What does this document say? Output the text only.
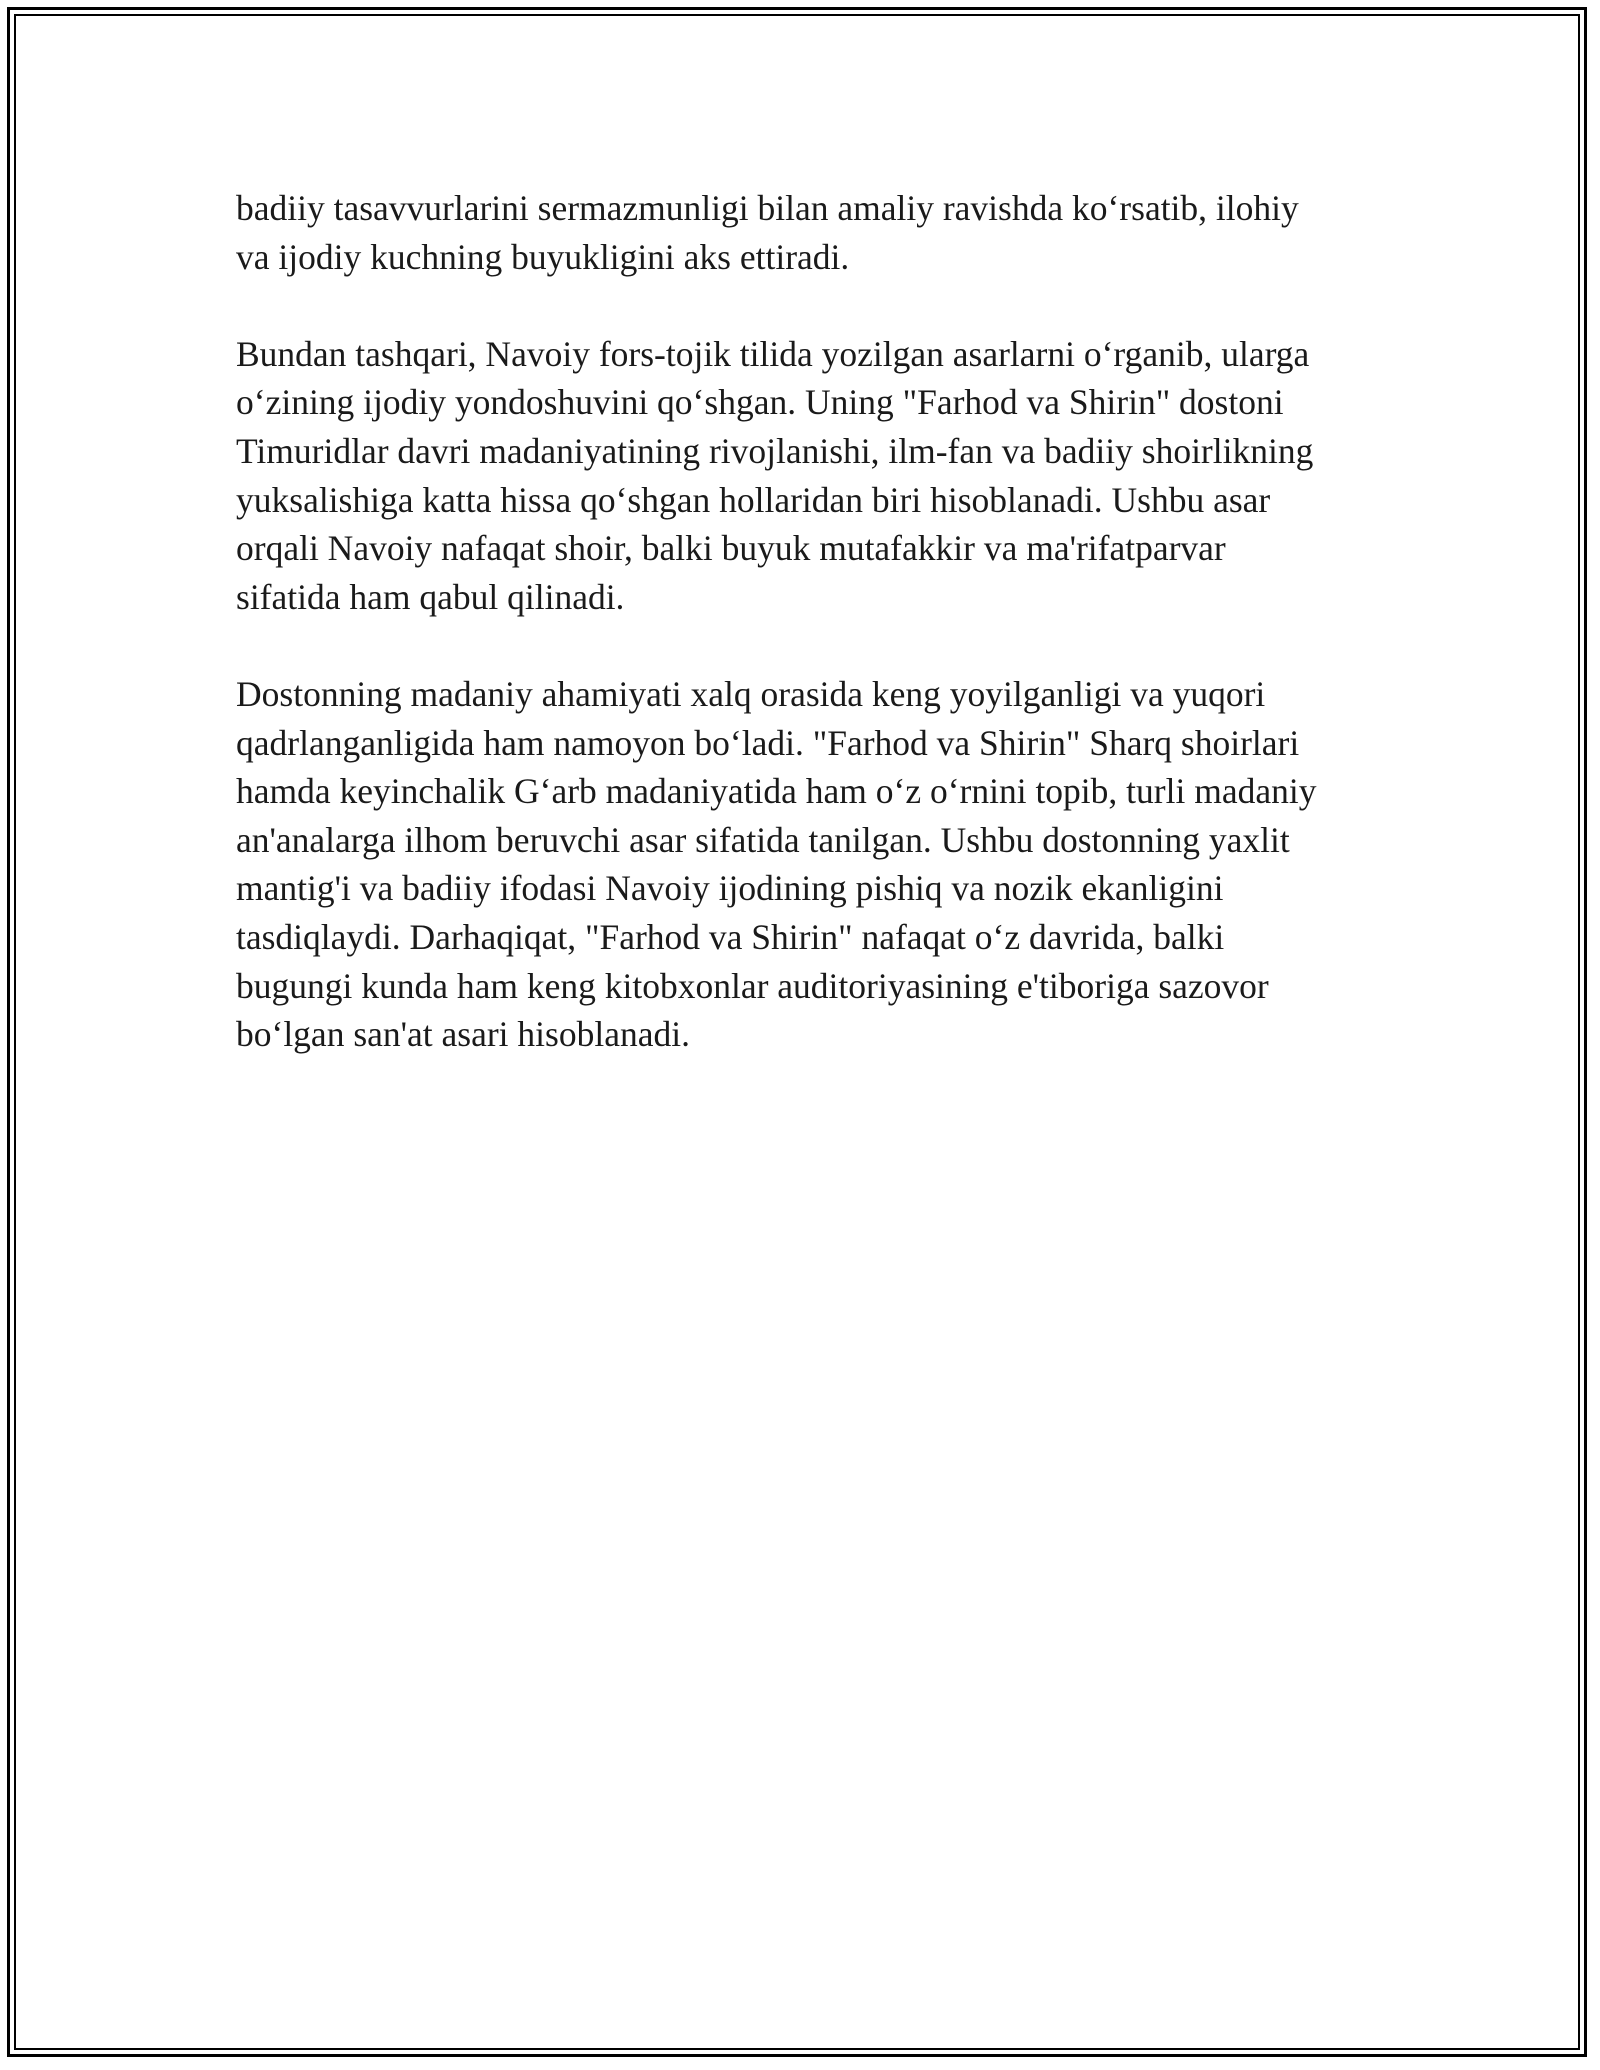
badiiy tasavvurlarini sermazmunligi bilan amaliy ravishda ko‘rsatib, ilohiy
va ijodiy kuchning buyukligini aks ettiradi.

Bundan tashqari, Navoiy fors-tojik tilida yozilgan asarlarni o‘rganib, ularga
o‘zining ijodiy yondoshuvini qo‘shgan. Uning "Farhod va Shirin" dostoni
Timuridlar davri madaniyatining rivojlanishi, ilm-fan va badiiy shoirlikning
yuksalishiga katta hissa qo‘shgan hollaridan biri hisoblanadi. Ushbu asar
orqali Navoiy nafaqat shoir, balki buyuk mutafakkir va ma'rifatparvar
sifatida ham qabul qilinadi.

Dostonning madaniy ahamiyati xalq orasida keng yoyilganligi va yuqori
qadrlanganligida ham namoyon bo‘ladi. "Farhod va Shirin" Sharq shoirlari
hamda keyinchalik G‘arb madaniyatida ham o‘z o‘rnini topib, turli madaniy
an'analarga ilhom beruvchi asar sifatida tanilgan. Ushbu dostonning yaxlit
mantig'i va badiiy ifodasi Navoiy ijodining pishiq va nozik ekanligini
tasdiqlaydi. Darhaqiqat, "Farhod va Shirin" nafaqat o‘z davrida, balki
bugungi kunda ham keng kitobxonlar auditoriyasining e'tiboriga sazovor
bo‘lgan san'at asari hisoblanadi.
